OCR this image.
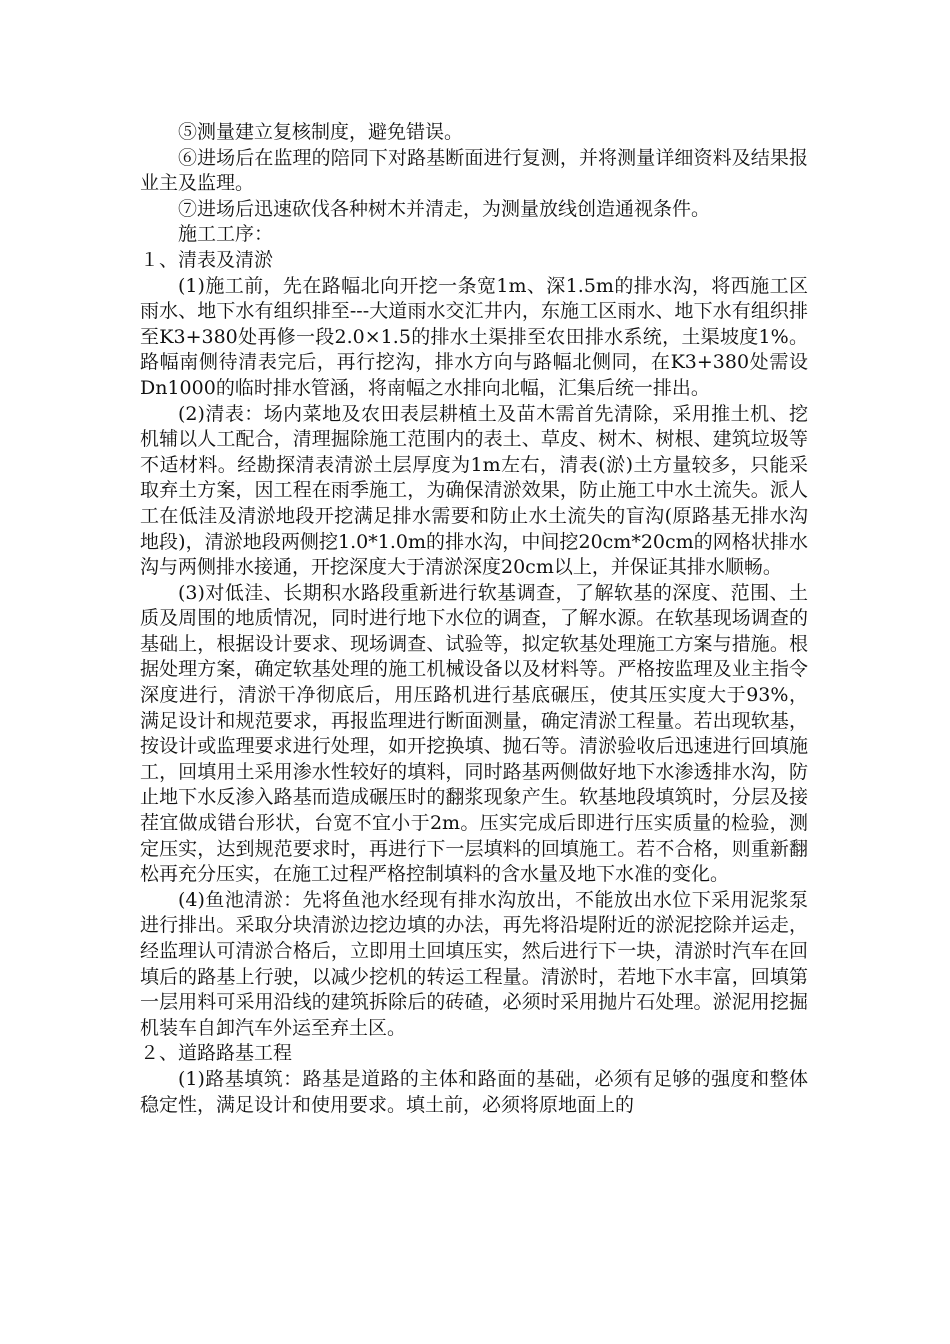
⑤测量建立复核制度，避免错误。

⑥进场后在监理的陪同下对路基断面进行复测，并将测量详细资料及结果报业主及监理。

⑦进场后迅速砍伐各种树木并清走，为测量放线创造通视条件。

施工工序：

１、清表及清淤

(1)施工前，先在路幅北向开挖一条宽1m、深1.5m的排水沟，将西施工区雨水、地下水有组织排至---大道雨水交汇井内，东施工区雨水、地下水有组织排至K3+380处再修一段2.0×1.5的排水土渠排至农田排水系统，土渠坡度1%。路幅南侧待清表完后，再行挖沟，排水方向与路幅北侧同，在K3+380处需设Dn1000的临时排水管涵，将南幅之水排向北幅，汇集后统一排出。

(2)清表：场内菜地及农田表层耕植土及苗木需首先清除，采用推土机、挖机辅以人工配合，清理掘除施工范围内的表土、草皮、树木、树根、建筑垃圾等不适材料。经勘探清表清淤土层厚度为1m左右，清表(淤)土方量较多，只能采取弃土方案，因工程在雨季施工，为确保清淤效果，防止施工中水土流失。派人工在低洼及清淤地段开挖满足排水需要和防止水土流失的盲沟(原路基无排水沟地段)，清淤地段两侧挖1.0*1.0m的排水沟，中间挖20cm*20cm的网格状排水沟与两侧排水接通，开挖深度大于清淤深度20cm以上，并保证其排水顺畅。

(3)对低洼、长期积水路段重新进行软基调查，了解软基的深度、范围、土质及周围的地质情况，同时进行地下水位的调查，了解水源。在软基现场调查的基础上，根据设计要求、现场调查、试验等，拟定软基处理施工方案与措施。根据处理方案，确定软基处理的施工机械设备以及材料等。严格按监理及业主指令深度进行，清淤干净彻底后，用压路机进行基底碾压，使其压实度大于93%，满足设计和规范要求，再报监理进行断面测量，确定清淤工程量。若出现软基，按设计或监理要求进行处理，如开挖换填、抛石等。清淤验收后迅速进行回填施工，回填用土采用渗水性较好的填料，同时路基两侧做好地下水渗透排水沟，防止地下水反渗入路基而造成碾压时的翻浆现象产生。软基地段填筑时，分层及接茬宜做成错台形状，台宽不宜小于2m。压实完成后即进行压实质量的检验，测定压实，达到规范要求时，再进行下一层填料的回填施工。若不合格，则重新翻松再充分压实，在施工过程严格控制填料的含水量及地下水准的变化。

(4)鱼池清淤：先将鱼池水经现有排水沟放出，不能放出水位下采用泥浆泵进行排出。采取分块清淤边挖边填的办法，再先将沿堤附近的淤泥挖除并运走，经监理认可清淤合格后，立即用土回填压实，然后进行下一块，清淤时汽车在回填后的路基上行驶，以减少挖机的转运工程量。清淤时，若地下水丰富，回填第一层用料可采用沿线的建筑拆除后的砖碴，必须时采用抛片石处理。淤泥用挖掘机装车自卸汽车外运至弃土区。

２、道路路基工程

(1)路基填筑：路基是道路的主体和路面的基础，必须有足够的强度和整体稳定性，满足设计和使用要求。填土前，必须将原地面上的
